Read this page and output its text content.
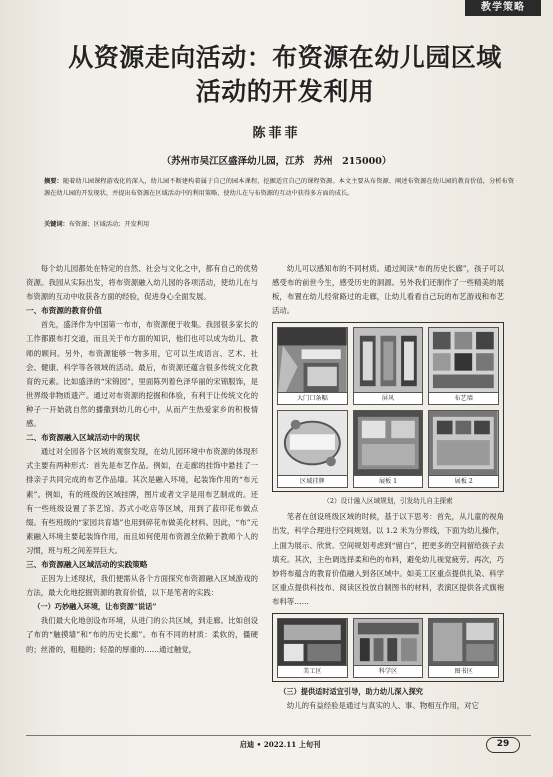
教学策略
从资源走向活动：布资源在幼儿园区域
活动的开发利用
陈菲菲
（苏州市吴江区盛泽幼儿园，江苏　苏州　215000）
摘要：随着幼儿园课程游戏化的深入，幼儿园不断建构着属于自己的园本课程，挖掘适宜自己的课程资源。本文主要从布资源、阐述布资源在幼儿园的教育价值，分析布资源在幼儿园的开发现状，并提出布资源在区域活动中的利用策略，使幼儿在与布资源的互动中获得多方面的成长。
关键词：布资源；区域活动；开发利用

每个幼儿园都处在特定的自然、社会与文化之中，都有自己的优势资源。我园从实际出发，将布资源融入幼儿园的各项活动，使幼儿在与布资源的互动中收获各方面的经验，促进身心全面发展。

一、布资源的教育价值

首先，盛泽作为中国第一布市，布资源便于收集。我园很多家长的工作都跟布打交道，而且关于布方面的知识，他们也可以成为幼儿、教师的顾问。另外，布资源能够一物多用，它可以生成语言、艺术、社会、健康、科学等各领域的活动。最后，布资源还蕴含很多传统文化教育的元素。比如盛泽的“宋锦园”，里面陈列着色泽华丽的宋锦服饰，是世界级非物质遗产。通过对布资源的挖掘和体验，有利于让传统文化的种子一开始就自然的播撒到幼儿的心中，从而产生热爱家乡的积极情感。

二、布资源融入区域活动中的现状

通过对全园各个区域的观察发现，在幼儿园环境中布资源的体现形式主要有两种形式：首先是布艺作品。例如，在走廊的挂饰中悬挂了一排亲子共同完成的布艺作品墙。其次是融入环境，起装饰作用的“布元素”。例如，有的班级的区域挂牌，图片或者文字是用布艺制成的。还有一些班级设置了茶艺馆、苏式小吃店等区域，用到了蓝印花布做点缀。有些班级的“家园共育墙”也用到碎花布做美化材料。因此，“布”元素融入环境主要起装饰作用，而且如何使用布资源全依赖于教师个人的习惯，班与班之间差异巨大。

三、布资源融入区域活动的实践策略

正因为上述现状，我们便需从各个方面探究布资源融入区域游戏的方法，最大化地挖掘资源的教育价值，以下是笔者的实践：

（一）巧妙融入环境，让布资源“说话”

我们最大化地创设布环境，从进门的公共区域，到走廊。比如创设了布的“触摸墙”和“布的历史长廊”。布有不同的材质：柔软的，僵硬的；丝滑的，粗糙的；轻盈的厚重的……通过触觉，

幼儿可以感知布的不同材质。通过阅读“布的历史长廊”，孩子可以感受布的前世今生，感受历史的洞源。另外我们还制作了一些精美的展板，布置在幼儿经常路过的走廊，让幼儿看看自己玩的布艺游戏和布艺活动。

大门口条幅	屏风	布艺墙
区域挂牌	展板 1	展板 2
（2）设计融入区域规划，引发幼儿自主探索

笔者在创设班级区域的时候，基于以下思考：首先，从儿童的视角出发，科学合理进行空间规划。以 1.2 米为分界线，下面为幼儿操作，上面为展示、欣赏。空间规划考虑到“留白”，把更多的空间留给孩子去填充。其次，主色调选择柔和色的布料，避免幼儿视觉疲劳。再次，巧妙将布蕴含的教育价值融入到各区域中。如美工区重点提供扎染、科学区重点提供科技布、阅读区投放自制图书的材料，表演区提供各式旗袍布料等……

美工区	科学区	图书区
（三）提供适时适宜引导，助力幼儿深入探究

幼儿的有益经验是通过与真实的人、事、物相互作用，对它

启迪 • 2022.11 上旬刊	29
